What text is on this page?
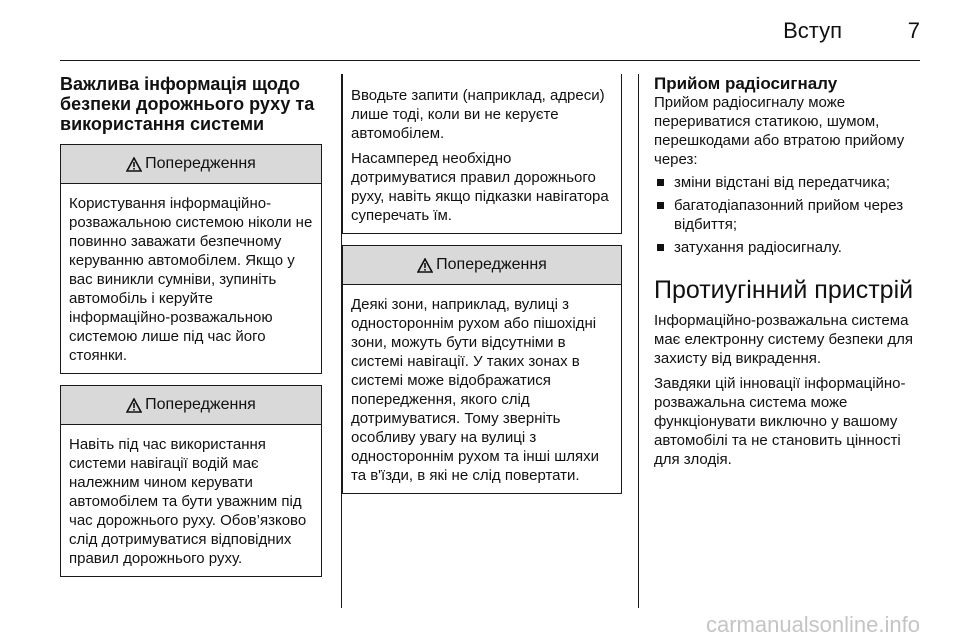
Вступ	7
Важлива інформація щодо безпеки дорожнього руху та використання системи
Попередження
Користування інформаційно-розважальною системою ніколи не повинно заважати безпечному керуванню автомобілем. Якщо у вас виникли сумніви, зупиніть автомобіль і керуйте інформаційно-розважальною системою лише під час його стоянки.
Попередження
Навіть під час використання системи навігації водій має належним чином керувати автомобілем та бути уважним під час дорожнього руху. Обов’язково слід дотримуватися відповідних правил дорожнього руху.

Вводьте запити (наприклад, адреси) лише тоді, коли ви не керуєте автомобілем.

Насамперед необхідно дотримуватися правил дорожнього руху, навіть якщо підказки навігатора суперечать їм.

Попередження
Деякі зони, наприклад, вулиці з одностороннім рухом або пішохідні зони, можуть бути відсутніми в системі навігації. У таких зонах в системі може відображатися попередження, якого слід дотримуватися. Тому зверніть особливу увагу на вулиці з одностороннім рухом та інші шляхи та в'їзди, в які не слід повертати.
Прийом радіосигналу

Прийом радіосигналу може перериватися статикою, шумом, перешкодами або втратою прийому через:

зміни відстані від передатчика;
багатодіапазонний прийом через відбиття;
затухання радіосигналу.
Протиугінний пристрій

Інформаційно-розважальна система має електронну систему безпеки для захисту від викрадення.

Завдяки цій інновації інформаційно-розважальна система може функціонувати виключно у вашому автомобілі та не становить цінності для злодія.

carmanualsonline.info
